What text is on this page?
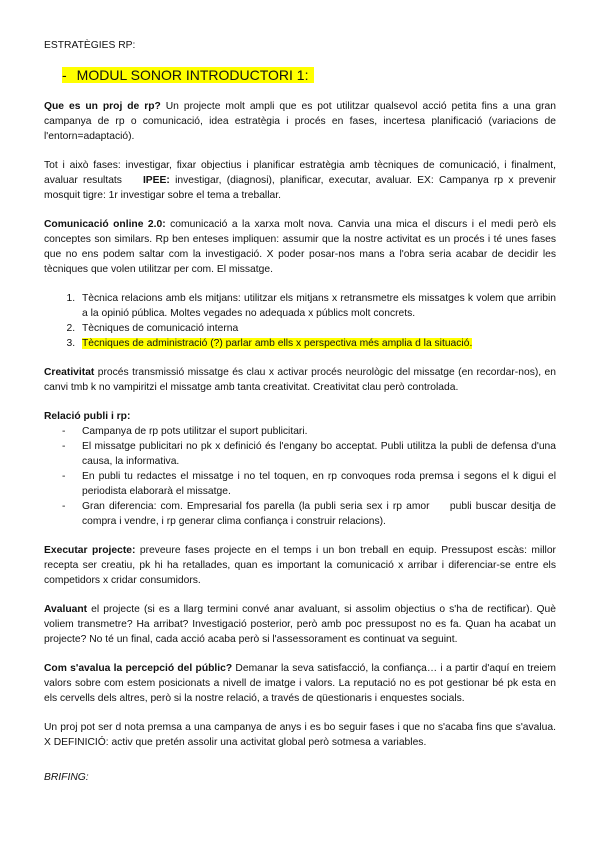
ESTRATÈGIES RP:

- MODUL SONOR INTRODUCTORI 1:

Que es un proj de rp? Un projecte molt ampli que es pot utilitzar qualsevol acció petita fins a una gran campanya de rp o comunicació, idea estratègia i procés en fases, incertesa planificació (variacions de l'entorn=adaptació).

Tot i això fases: investigar, fixar objectius i planificar estratègia amb tècniques de comunicació, i finalment, avaluar resultats    IPEE: investigar, (diagnosi), planificar, executar, avaluar. EX: Campanya rp x prevenir mosquit tigre: 1r investigar sobre el tema a treballar.

Comunicació online 2.0: comunicació a la xarxa molt nova. Canvia una mica el discurs i el medi però els conceptes son similars. Rp ben enteses impliquen: assumir que la nostre activitat es un procés i té unes fases que no ens podem saltar com la investigació. X poder posar-nos mans a l'obra seria acabar de decidir les tècniques que volen utilitzar per com. El missatge.

1. Tècnica relacions amb els mitjans: utilitzar els mitjans x retransmetre els missatges k volem que arribin a la opinió pública. Moltes vegades no adequada x públics molt concrets.
2. Tècniques de comunicació interna
3. Tècniques de administració (?) parlar amb ells x perspectiva més amplia d la situació.

Creativitat procés transmissió missatge és clau x activar procés neurològic del missatge (en recordar-nos), en canvi tmb k no vampiritzi el missatge amb tanta creativitat. Creativitat clau però controlada.

Relació publi i rp:

- Campanya de rp pots utilitzar el suport publicitari.
- El missatge publicitari no pk x definició és l'engany bo acceptat. Publi utilitza la publi de defensa d'una causa, la informativa.
- En publi tu redactes el missatge i no tel toquen, en rp convoques roda premsa i segons el k digui el periodista elaborarà el missatge.
- Gran diferencia: com. Empresarial fos parella (la publi seria sex i rp amor     publi buscar desitja de compra i vendre, i rp generar clima confiança i construir relacions).

Executar projecte: preveure fases projecte en el temps i un bon treball en equip. Pressupost escàs: millor recepta ser creatiu, pk hi ha retallades, quan es important la comunicació x arribar i diferenciar-se entre els competidors x cridar consumidors.

Avaluant el projecte (si es a llarg termini convé anar avaluant, si assolim objectius o s'ha de rectificar). Què voliem transmetre? Ha arribat? Investigació posterior, però amb poc pressupost no es fa. Quan ha acabat un projecte? No té un final, cada acció acaba però si l'assessorament es continuat va seguint.

Com s'avalua la percepció del públic? Demanar la seva satisfacció, la confiança… i a partir d'aquí en treiem valors sobre com estem posicionats a nivell de imatge i valors. La reputació no es pot gestionar bé pk esta en els cervells dels altres, però si la nostre relació, a través de qüestionaris i enquestes socials.

Un proj pot ser d nota premsa a una campanya de anys i es bo seguir fases i que no s'acaba fins que s'avalua. X DEFINICIÓ: activ que pretén assolir una activitat global però sotmesa a variables.

BRIFING:
